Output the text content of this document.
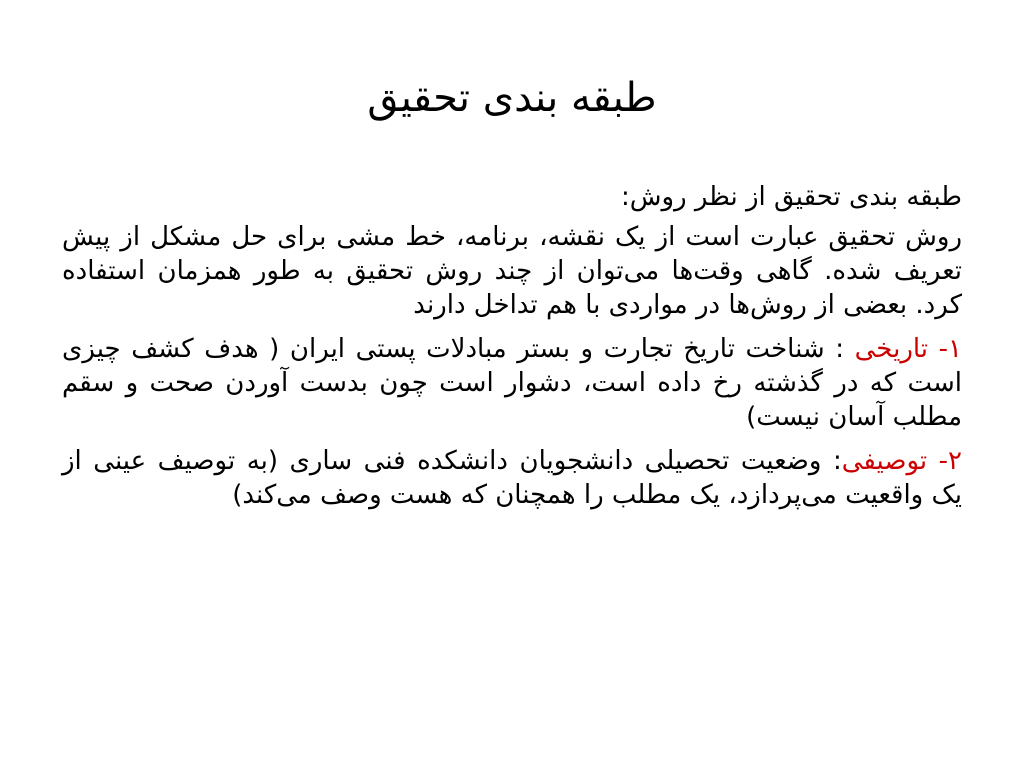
طبقه بندی تحقیق

طبقه بندی تحقیق از نظر روش:

روش تحقیق عبارت است از یک نقشه، برنامه، خط مشی برای حل مشکل از پیش تعریف شده. گاهی وقت‌ها می‌توان از چند روش تحقیق به طور همزمان استفاده کرد. بعضی از روش‌ها در مواردی با هم تداخل دارند

۱- تاریخی : شناخت تاریخ تجارت و بستر مبادلات پستی ایران ( هدف کشف چیزی است که در گذشته رخ داده است، دشوار است چون بدست آوردن صحت و سقم مطلب آسان نیست)

۲- توصیفی: وضعیت تحصیلی دانشجویان دانشکده فنی ساری (به توصیف عینی از یک واقعیت می‌پردازد، یک مطلب را همچنان که هست وصف می‌کند)
